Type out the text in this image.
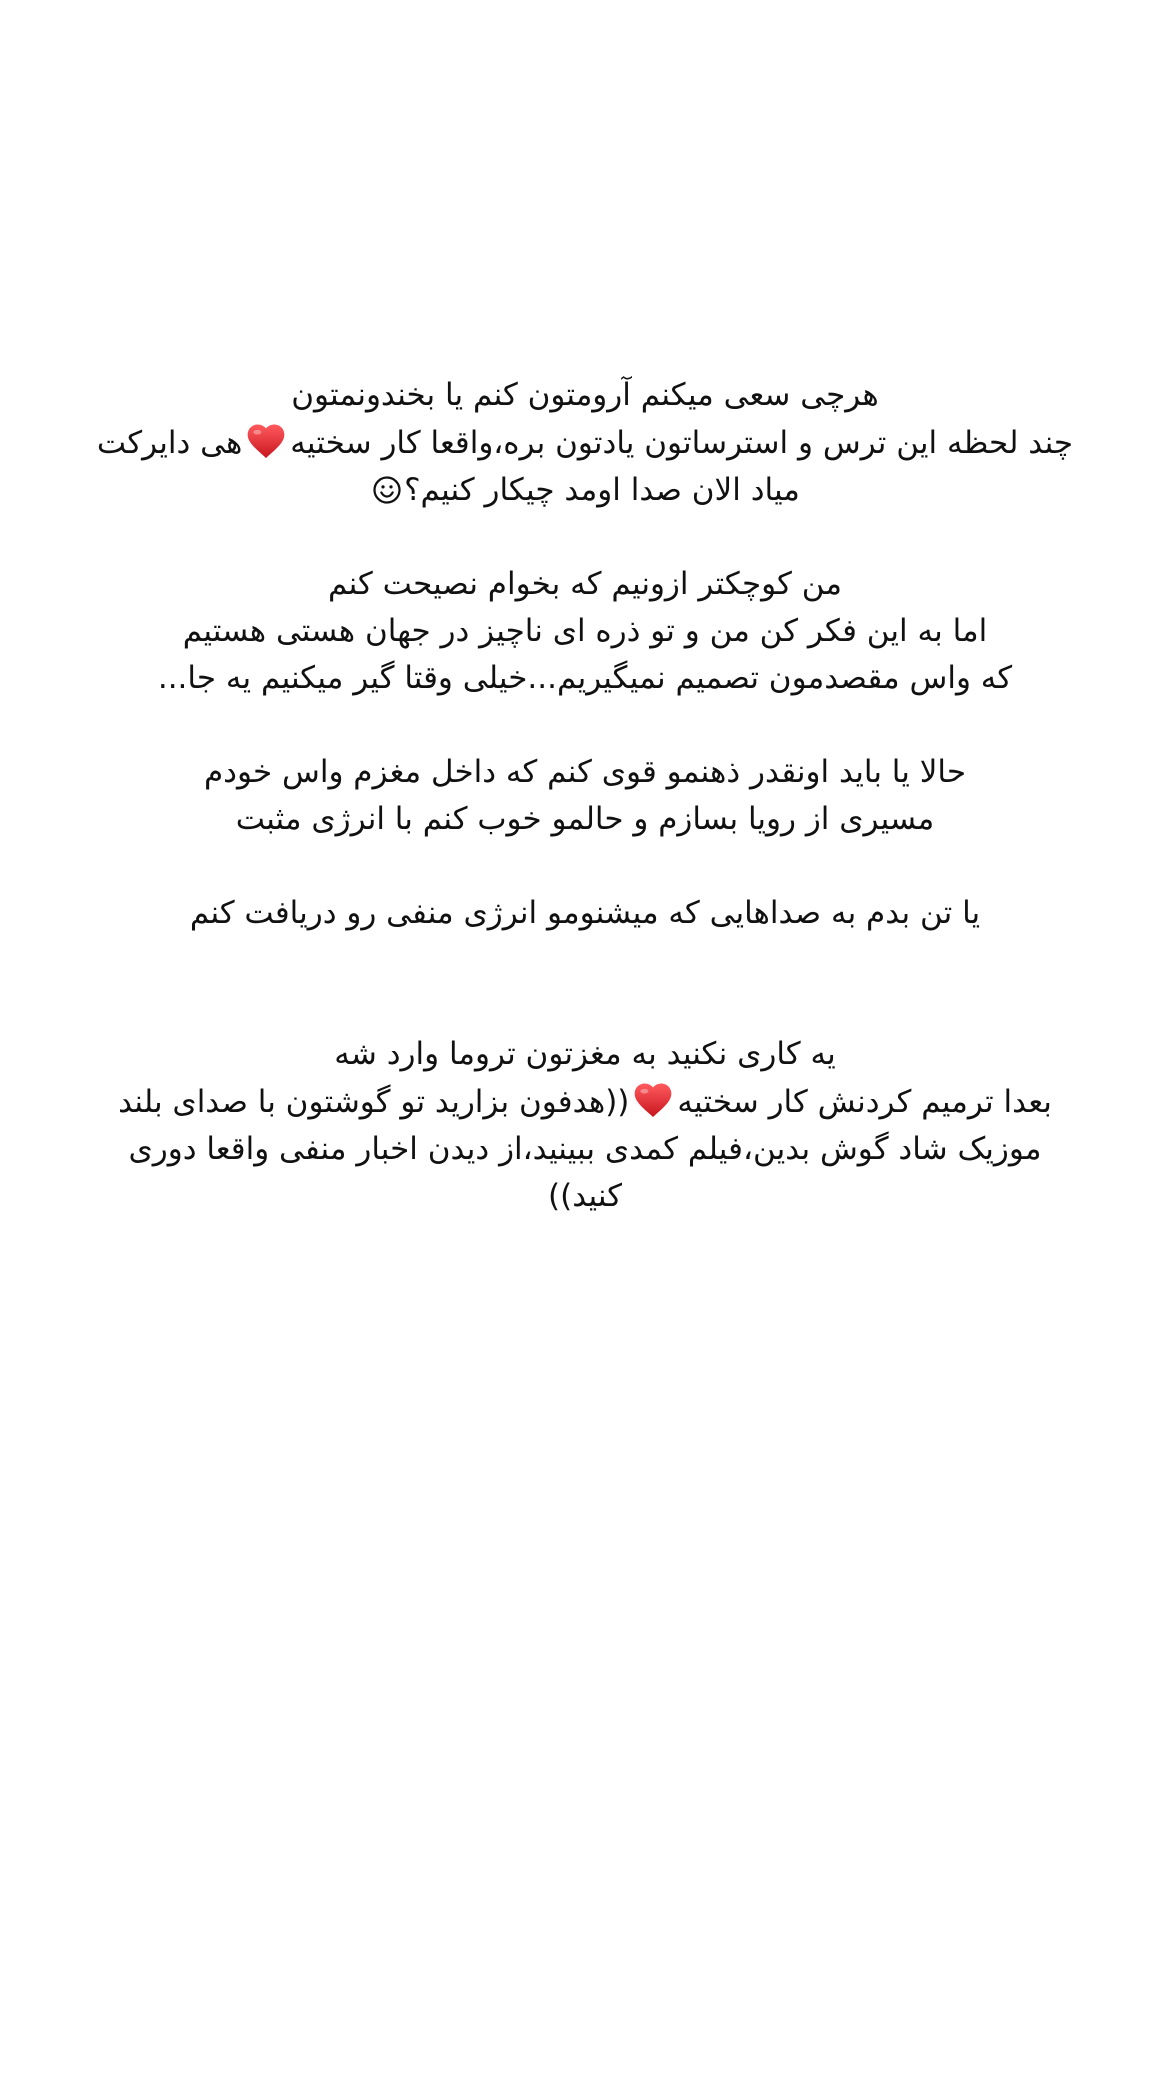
هرچی سعی میکنم آرومتون کنم یا بخندونمتون
چند لحظه این ترس و استرساتون یادتون بره،واقعا کار سختیههی دایرکت
میاد الان صدا اومد چیکار کنیم؟

من کوچکتر ازونیم که بخوام نصیحت کنم
اما به این فکر کن من و تو ذره ای ناچیز در جهان هستی هستیم
که واس مقصدمون تصمیم نمیگیریم...خیلی وقتا گیر میکنیم یه جا...

حالا یا باید اونقدر ذهنمو قوی کنم که داخل مغزم واس خودم
مسیری از رویا بسازم و حالمو خوب کنم با انرژی مثبت

یا تن بدم به صداهایی که میشنومو انرژی منفی رو دریافت کنم

یه کاری نکنید به مغزتون تروما وارد شه
بعدا ترمیم کردنش کار سختیه((هدفون بزارید تو گوشتون با صدای بلند
موزیک شاد گوش بدین،فیلم کمدی ببینید،از دیدن اخبار منفی واقعا دوری
کنید))
